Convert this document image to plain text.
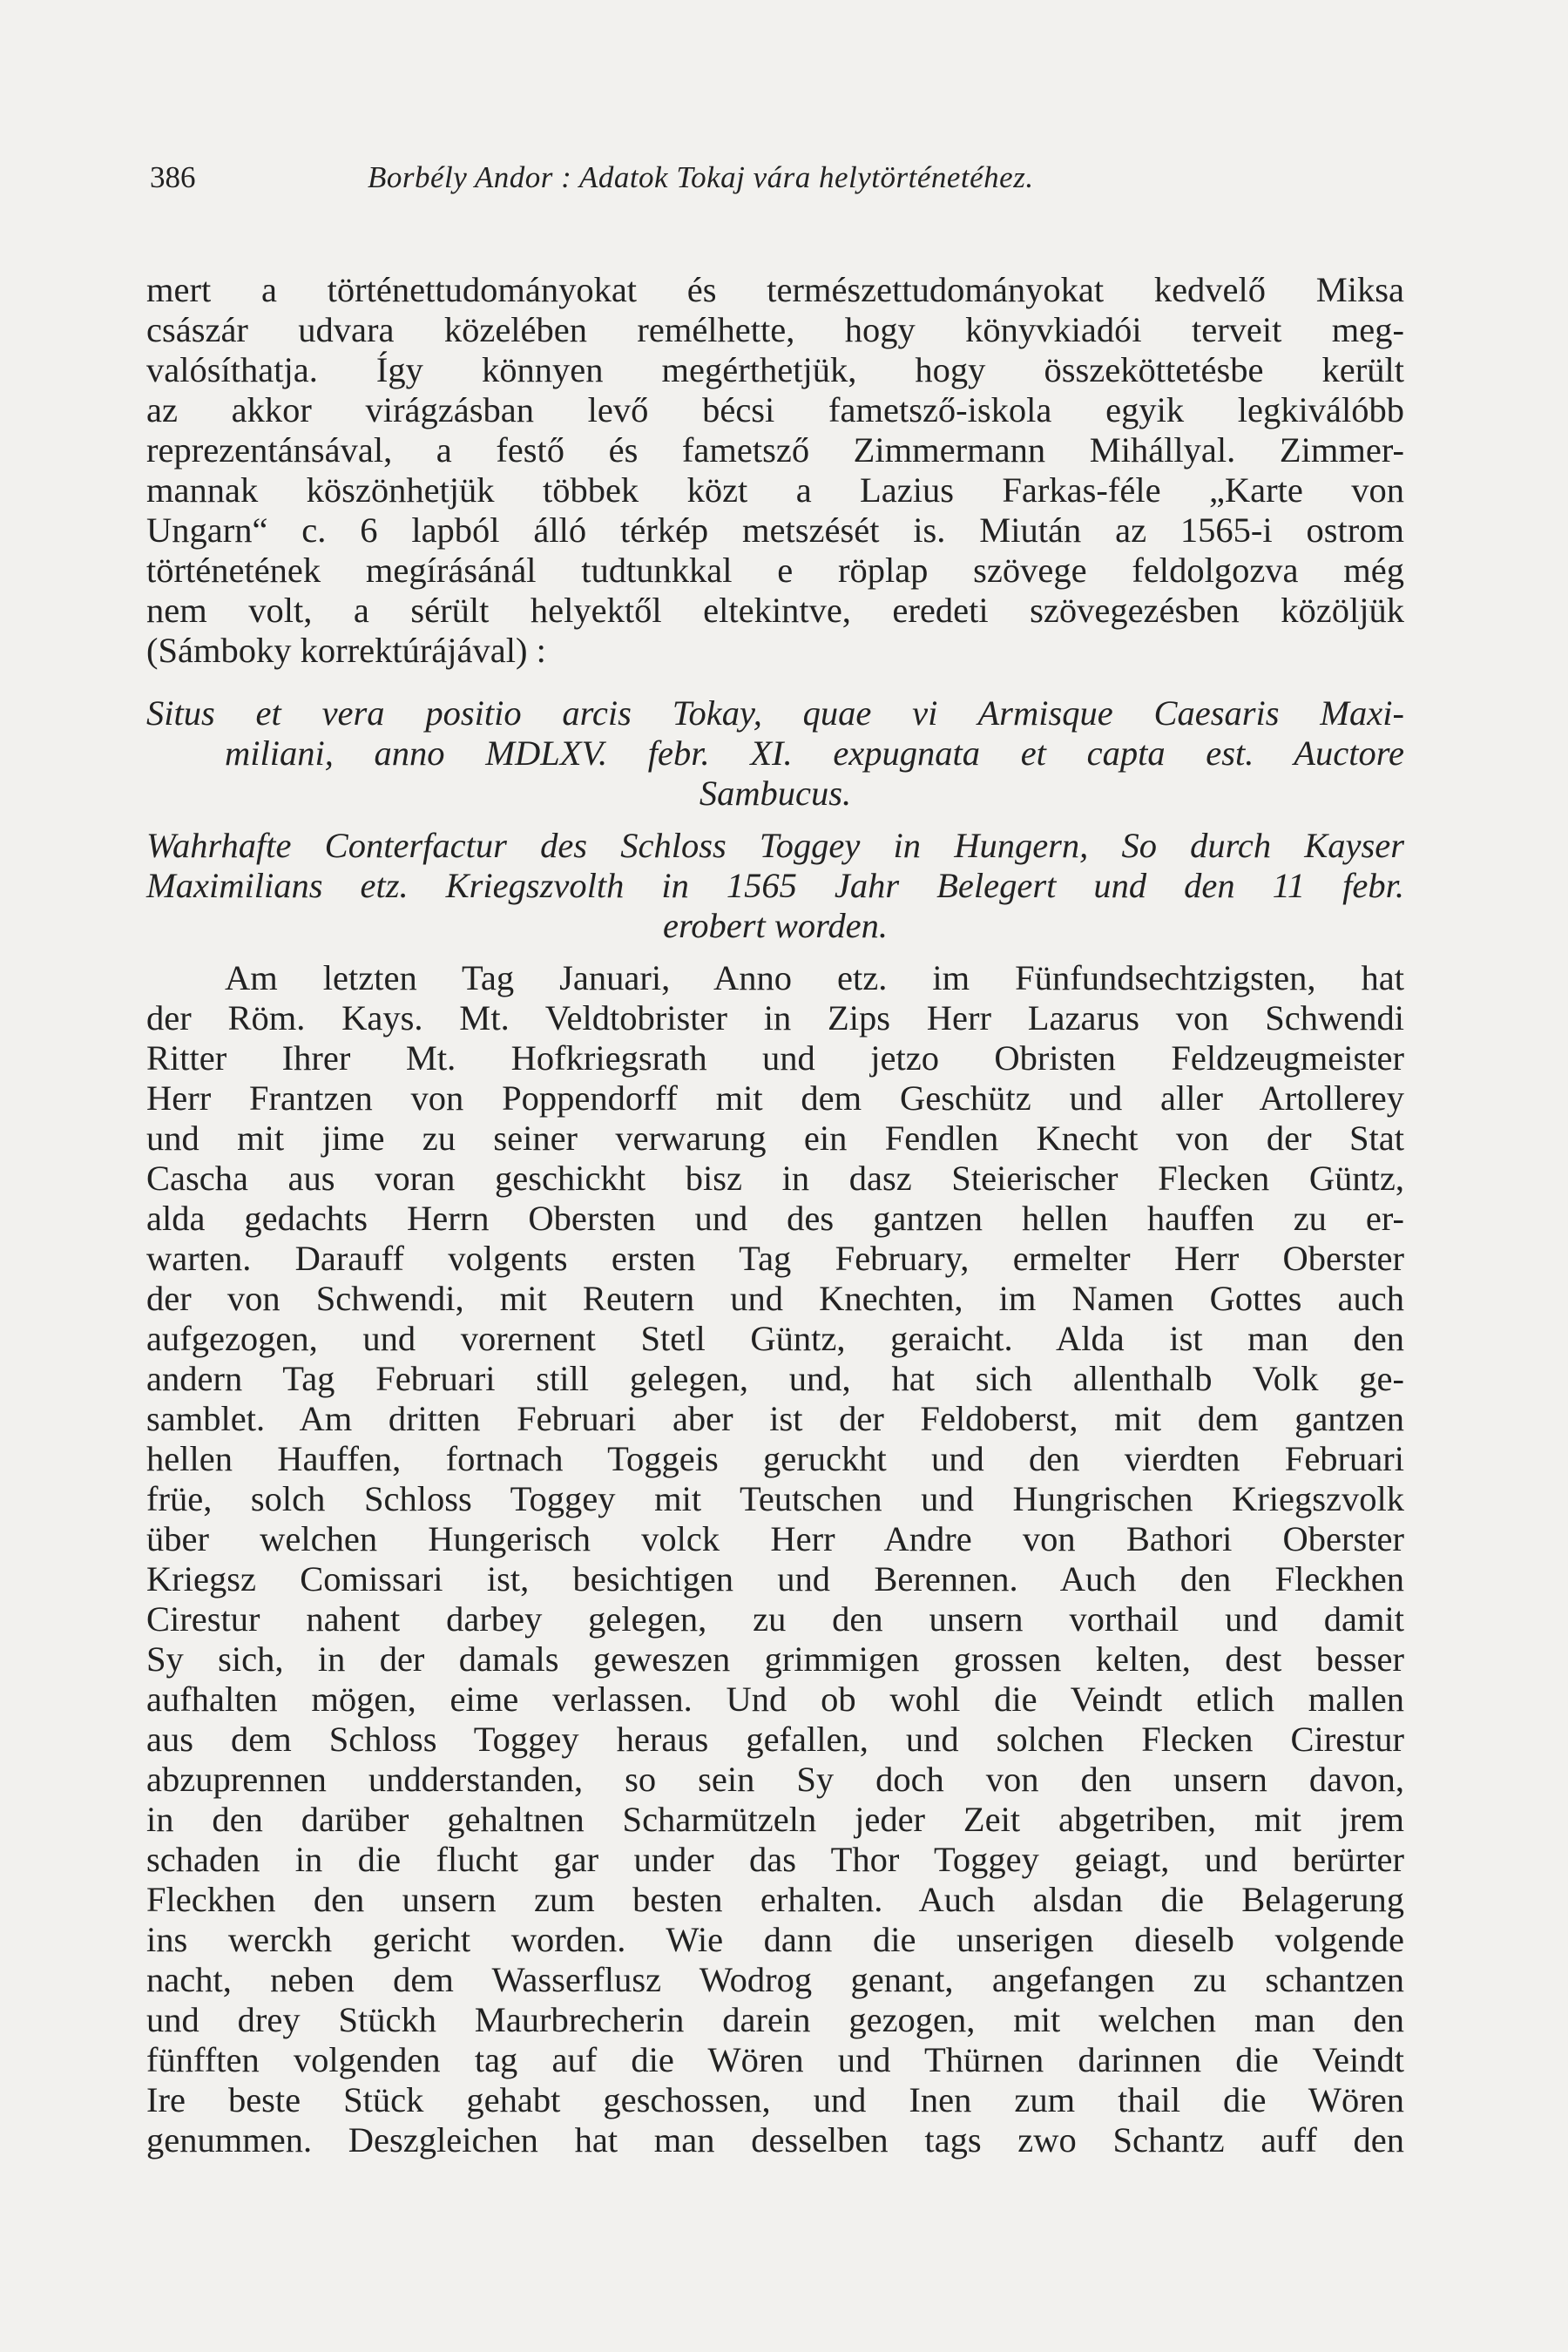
386	Borbély Andor : Adatok Tokaj vára helytörténetéhez.
mert a történettudományokat és természettudományokat kedvelő Miksa
császár udvara közelében remélhette, hogy könyvkiadói terveit meg-
valósíthatja. Így könnyen megérthetjük, hogy összeköttetésbe került
az akkor virágzásban levő bécsi fametsző-iskola egyik legkiválóbb
reprezentánsával, a festő és fametsző Zimmermann Mihállyal. Zimmer-
mannak köszönhetjük többek közt a Lazius Farkas-féle „Karte von
Ungarn“ c. 6 lapból álló térkép metszését is. Miután az 1565-i ostrom
történetének megírásánál tudtunkkal e röplap szövege feldolgozva még
nem volt, a sérült helyektől eltekintve, eredeti szövegezésben közöljük
(Sámboky korrektúrájával) :
Situs et vera positio arcis Tokay, quae vi Armisque Caesaris Maxi-
miliani, anno MDLXV. febr. XI. expugnata et capta est. Auctore
Sambucus.
Wahrhafte Conterfactur des Schloss Toggey in Hungern, So durch Kayser
Maximilians etz. Kriegszvolth in 1565 Jahr Belegert und den 11 febr.
erobert worden.
Am letzten Tag Januari, Anno etz. im Fünfundsechtzigsten, hat
der Röm. Kays. Mt. Veldtobrister in Zips Herr Lazarus von Schwendi
Ritter Ihrer Mt. Hofkriegsrath und jetzo Obristen Feldzeugmeister
Herr Frantzen von Poppendorff mit dem Geschütz und aller Artollerey
und mit jime zu seiner verwarung ein Fendlen Knecht von der Stat
Cascha aus voran geschickht bisz in dasz Steierischer Flecken Güntz,
alda gedachts Herrn Obersten und des gantzen hellen hauffen zu er-
warten. Darauff volgents ersten Tag February, ermelter Herr Oberster
der von Schwendi, mit Reutern und Knechten, im Namen Gottes auch
aufgezogen, und vorernent Stetl Güntz, geraicht. Alda ist man den
andern Tag Februari still gelegen, und, hat sich allenthalb Volk ge-
samblet. Am dritten Februari aber ist der Feldoberst, mit dem gantzen
hellen Hauffen, fortnach Toggeis geruckht und den vierdten Februari
früe, solch Schloss Toggey mit Teutschen und Hungrischen Kriegszvolk
über welchen Hungerisch volck Herr Andre von Bathori Oberster
Kriegsz Comissari ist, besichtigen und Berennen. Auch den Fleckhen
Cirestur nahent darbey gelegen, zu den unsern vorthail und damit
Sy sich, in der damals geweszen grimmigen grossen kelten, dest besser
aufhalten mögen, eime verlassen. Und ob wohl die Veindt etlich mallen
aus dem Schloss Toggey heraus gefallen, und solchen Flecken Cirestur
abzuprennen undderstanden, so sein Sy doch von den unsern davon,
in den darüber gehaltnen Scharmützeln jeder Zeit abgetriben, mit jrem
schaden in die flucht gar under das Thor Toggey geiagt, und berürter
Fleckhen den unsern zum besten erhalten. Auch alsdan die Belagerung
ins werckh gericht worden. Wie dann die unserigen dieselb volgende
nacht, neben dem Wasserflusz Wodrog genant, angefangen zu schantzen
und drey Stückh Maurbrecherin darein gezogen, mit welchen man den
fünfften volgenden tag auf die Wören und Thürnen darinnen die Veindt
Ire beste Stück gehabt geschossen, und Inen zum thail die Wören
genummen. Deszgleichen hat man desselben tags zwo Schantz auff den
